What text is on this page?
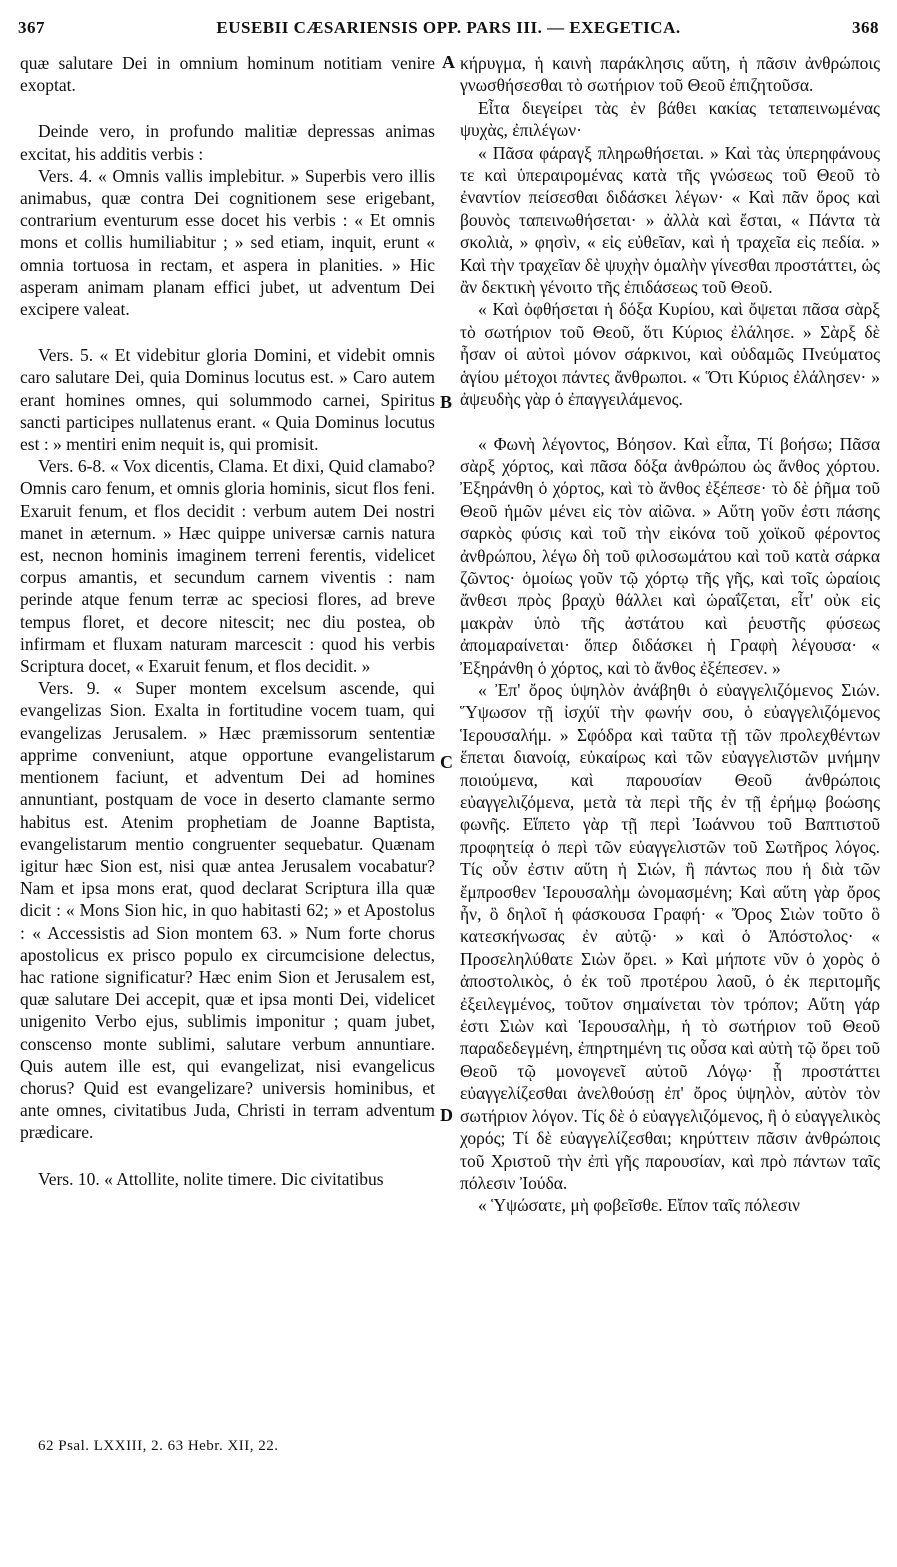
367	EUSEBII CÆSARIENSIS OPP. PARS III. — EXEGETICA.	368

quæ salutare Dei in omnium hominum notitiam venire exoptat.

Deinde vero, in profundo malitiæ depressas animas excitat, his additis verbis :

Vers. 4. « Omnis vallis implebitur. » Superbis vero illis animabus, quæ contra Dei cognitionem sese erigebant, contrarium eventurum esse docet his verbis : « Et omnis mons et collis humiliabitur ; » sed etiam, inquit, erunt « omnia tortuosa in rectam, et aspera in planities. » Hic asperam animam planam effici jubet, ut adventum Dei excipere valeat.

Vers. 5. « Et videbitur gloria Domini, et videbit omnis caro salutare Dei, quia Dominus locutus est. » Caro autem erant homines omnes, qui solummodo carnei, Spiritus sancti participes nullatenus erant. « Quia Dominus locutus est : » mentiri enim nequit is, qui promisit.

Vers. 6-8. « Vox dicentis, Clama. Et dixi, Quid clamabo? Omnis caro fenum, et omnis gloria hominis, sicut flos feni. Exaruit fenum, et flos decidit : verbum autem Dei nostri manet in æternum. » Hæc quippe universæ carnis natura est, necnon hominis imaginem terreni ferentis, videlicet corpus amantis, et secundum carnem viventis : nam perinde atque fenum terræ ac speciosi flores, ad breve tempus floret, et decore nitescit; nec diu postea, ob infirmam et fluxam naturam marcescit : quod his verbis Scriptura docet, « Exaruit fenum, et flos decidit. »

Vers. 9. « Super montem excelsum ascende, qui evangelizas Sion. Exalta in fortitudine vocem tuam, qui evangelizas Jerusalem. » Hæc præmissorum sententiæ apprime conveniunt, atque opportune evangelistarum mentionem faciunt, et adventum Dei ad homines annuntiant, postquam de voce in deserto clamante sermo habitus est. Atenim prophetiam de Joanne Baptista, evangelistarum mentio congruenter sequebatur. Quænam igitur hæc Sion est, nisi quæ antea Jerusalem vocabatur? Nam et ipsa mons erat, quod declarat Scriptura illa quæ dicit : « Mons Sion hic, in quo habitasti 62; » et Apostolus : « Accessistis ad Sion montem 63. » Num forte chorus apostolicus ex prisco populo ex circumcisione delectus, hac ratione significatur? Hæc enim Sion et Jerusalem est, quæ salutare Dei accepit, quæ et ipsa monti Dei, videlicet unigenito Verbo ejus, sublimis imponitur ; quam jubet, conscenso monte sublimi, salutare verbum annuntiare. Quis autem ille est, qui evangelizat, nisi evangelicus chorus? Quid est evangelizare? universis hominibus, et ante omnes, civitatibus Juda, Christi in terram adventum prædicare.

Vers. 10. « Attollite, nolite timere. Dic civitatibus

κήρυγμα, ἡ καινὴ παράκλησις αὕτη, ἡ πᾶσιν ἀνθρώποις γνωσθήσεσθαι τὸ σωτήριον τοῦ Θεοῦ ἐπιζητοῦσα.

Εἶτα διεγείρει τὰς ἐν βάθει κακίας τεταπεινωμένας ψυχὰς, ἐπιλέγων·

« Πᾶσα φάραγξ πληρωθήσεται. » Καὶ τὰς ὑπερηφάνους τε καὶ ὑπεραιρομένας κατὰ τῆς γνώσεως τοῦ Θεοῦ τὸ ἐναντίον πείσεσθαι διδάσκει λέγων· « Καὶ πᾶν ὄρος καὶ βουνὸς ταπεινωθήσεται· » ἀλλὰ καὶ ἔσται, « Πάντα τὰ σκολιὰ, » φησὶν, « εἰς εὐθεῖαν, καὶ ἡ τραχεῖα εἰς πεδία. » Καὶ τὴν τραχεῖαν δὲ ψυχὴν ὁμαλὴν γίνεσθαι προστάττει, ὡς ἂν δεκτικὴ γένοιτο τῆς ἐπιδάσεως τοῦ Θεοῦ.

« Καὶ ὀφθήσεται ἡ δόξα Κυρίου, καὶ ὄψεται πᾶσα σὰρξ τὸ σωτήριον τοῦ Θεοῦ, ὅτι Κύριος ἐλάλησε. » Σὰρξ δὲ ἦσαν οἱ αὐτοὶ μόνον σάρκινοι, καὶ οὐδαμῶς Πνεύματος ἁγίου μέτοχοι πάντες ἄνθρωποι. « Ὅτι Κύριος ἐλάλησεν· » ἀψευδὴς γὰρ ὁ ἐπαγγειλάμενος.

« Φωνὴ λέγοντος, Βόησον. Καὶ εἶπα, Τί βοήσω; Πᾶσα σὰρξ χόρτος, καὶ πᾶσα δόξα ἀνθρώπου ὡς ἄνθος χόρτου. Ἐξηράνθη ὁ χόρτος, καὶ τὸ ἄνθος ἐξέπεσε· τὸ δὲ ῥῆμα τοῦ Θεοῦ ἡμῶν μένει εἰς τὸν αἰῶνα. » Αὕτη γοῦν ἐστι πάσης σαρκὸς φύσις καὶ τοῦ τὴν εἰκόνα τοῦ χοϊκοῦ φέροντος ἀνθρώπου, λέγω δὴ τοῦ φιλοσωμάτου καὶ τοῦ κατὰ σάρκα ζῶντος· ὁμοίως γοῦν τῷ χόρτῳ τῆς γῆς, καὶ τοῖς ὡραίοις ἄνθεσι πρὸς βραχὺ θάλλει καὶ ὡραΐζεται, εἶτ' οὐκ εἰς μακρὰν ὑπὸ τῆς ἀστάτου καὶ ῥευστῆς φύσεως ἀπομαραίνεται· ὅπερ διδάσκει ἡ Γραφὴ λέγουσα· « Ἐξηράνθη ὁ χόρτος, καὶ τὸ ἄνθος ἐξέπεσεν. »

« Ἐπ' ὄρος ὑψηλὸν ἀνάβηθι ὁ εὐαγγελιζόμενος Σιών. Ὕψωσον τῇ ἰσχύϊ τὴν φωνήν σου, ὁ εὐαγγελιζόμενος Ἱερουσαλήμ. » Σφόδρα καὶ ταῦτα τῇ τῶν προλεχθέντων ἕπεται διανοίᾳ, εὐκαίρως καὶ τῶν εὐαγγελιστῶν μνήμην ποιούμενα, καὶ παρουσίαν Θεοῦ ἀνθρώποις εὐαγγελιζόμενα, μετὰ τὰ περὶ τῆς ἐν τῇ ἐρήμῳ βοώσης φωνῆς. Εἵπετο γὰρ τῇ περὶ Ἰωάννου τοῦ Βαπτιστοῦ προφητείᾳ ὁ περὶ τῶν εὐαγγελιστῶν τοῦ Σωτῆρος λόγος. Τίς οὖν ἐστιν αὕτη ἡ Σιών, ἢ πάντως που ἡ διὰ τῶν ἔμπροσθεν Ἱερουσαλὴμ ὠνομασμένη; Καὶ αὕτη γὰρ ὄρος ἦν, ὃ δηλοῖ ἡ φάσκουσα Γραφή· « Ὄρος Σιὼν τοῦτο ὃ κατεσκήνωσας ἐν αὐτῷ· » καὶ ὁ Ἀπόστολος· « Προσεληλύθατε Σιὼν ὄρει. » Καὶ μήποτε νῦν ὁ χορὸς ὁ ἀποστολικὸς, ὁ ἐκ τοῦ προτέρου λαοῦ, ὁ ἐκ περιτομῆς ἐξειλεγμένος, τοῦτον σημαίνεται τὸν τρόπον; Αὕτη γάρ ἐστι Σιὼν καὶ Ἱερουσαλὴμ, ἡ τὸ σωτήριον τοῦ Θεοῦ παραδεδεγμένη, ἐπηρτημένη τις οὖσα καὶ αὐτὴ τῷ ὄρει τοῦ Θεοῦ τῷ μονογενεῖ αὐτοῦ Λόγῳ· ᾗ προστάττει εὐαγγελίζεσθαι ἀνελθούσῃ ἐπ' ὄρος ὑψηλὸν, αὐτὸν τὸν σωτήριον λόγον. Τίς δὲ ὁ εὐαγγελιζόμενος, ἢ ὁ εὐαγγελικὸς χορός; Τί δὲ εὐαγγελίζεσθαι; κηρύττειν πᾶσιν ἀνθρώποις τοῦ Χριστοῦ τὴν ἐπὶ γῆς παρουσίαν, καὶ πρὸ πάντων ταῖς πόλεσιν Ἰούδα.

« Ὑψώσατε, μὴ φοβεῖσθε. Εἴπον ταῖς πόλεσιν

A
B
C
D
62 Psal. LXXIII, 2. 63 Hebr. XII, 22.
